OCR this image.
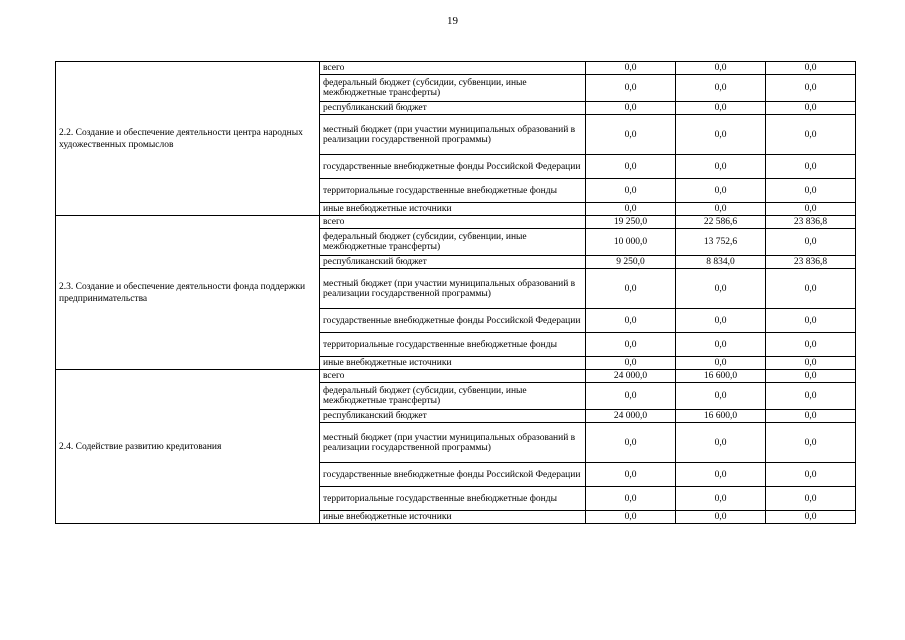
19
2.2. Создание и обеспечение деятельности центра народных художественных промыслов	всего	0,0	0,0	0,0
	федеральный бюджет (субсидии, субвенции, иные межбюджетные трансферты)	0,0	0,0	0,0
	республиканский бюджет	0,0	0,0	0,0
	местный бюджет (при участии муниципальных образований в реализации государственной программы)	0,0	0,0	0,0
	государственные внебюджетные фонды Российской Федерации	0,0	0,0	0,0
	территориальные государственные внебюджетные фонды	0,0	0,0	0,0
	иные внебюджетные источники	0,0	0,0	0,0
2.3. Создание и обеспечение деятельности фонда поддержки предпринимательства	всего	19 250,0	22 586,6	23 836,8
	федеральный бюджет (субсидии, субвенции, иные межбюджетные трансферты)	10 000,0	13 752,6	0,0
	республиканский бюджет	9 250,0	8 834,0	23 836,8
	местный бюджет (при участии муниципальных образований в реализации государственной программы)	0,0	0,0	0,0
	государственные внебюджетные фонды Российской Федерации	0,0	0,0	0,0
	территориальные государственные внебюджетные фонды	0,0	0,0	0,0
	иные внебюджетные источники	0,0	0,0	0,0
2.4. Содействие развитию кредитования	всего	24 000,0	16 600,0	0,0
	федеральный бюджет (субсидии, субвенции, иные межбюджетные трансферты)	0,0	0,0	0,0
	республиканский бюджет	24 000,0	16 600,0	0,0
	местный бюджет (при участии муниципальных образований в реализации государственной программы)	0,0	0,0	0,0
	государственные внебюджетные фонды Российской Федерации	0,0	0,0	0,0
	территориальные государственные внебюджетные фонды	0,0	0,0	0,0
	иные внебюджетные источники	0,0	0,0	0,0
